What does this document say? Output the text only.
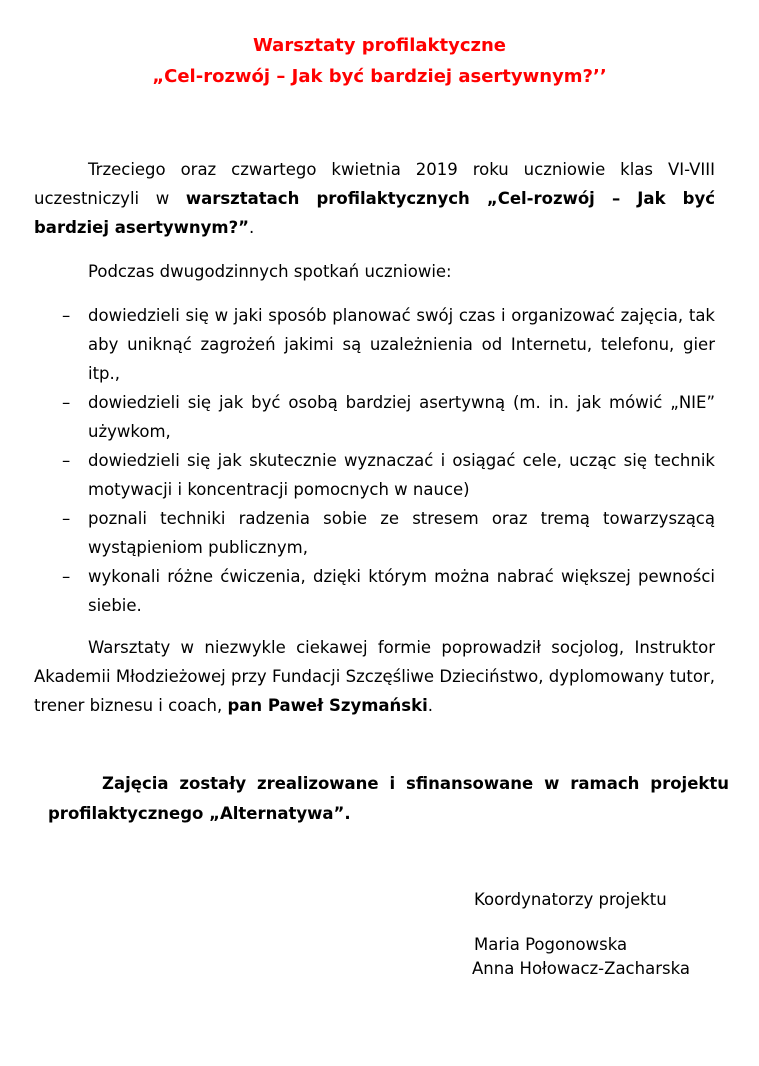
Warsztaty profilaktyczne
„Cel-rozwój – Jak być bardziej asertywnym?’’

Trzeciego oraz czwartego kwietnia 2019 roku uczniowie klas VI-VIII uczestniczyli w warsztatach profilaktycznych „Cel-rozwój – Jak być bardziej asertywnym?”.

Podczas dwugodzinnych spotkań uczniowie:

– dowiedzieli się w jaki sposób planować swój czas i organizować zajęcia, tak aby uniknąć zagrożeń jakimi są uzależnienia od Internetu, telefonu, gier itp.,
– dowiedzieli się jak być osobą bardziej asertywną (m. in. jak mówić „NIE” używkom,
– dowiedzieli się jak skutecznie wyznaczać i osiągać cele, ucząc się technik motywacji i koncentracji pomocnych w nauce)
– poznali techniki radzenia sobie ze stresem oraz tremą towarzyszącą wystąpieniom publicznym,
– wykonali różne ćwiczenia, dzięki którym można nabrać większej pewności siebie.

Warsztaty w niezwykle ciekawej formie poprowadził socjolog, Instruktor Akademii Młodzieżowej przy Fundacji Szczęśliwe Dzieciństwo, dyplomowany tutor, trener biznesu i coach, pan Paweł Szymański.

Zajęcia zostały zrealizowane i sfinansowane w ramach projektu profilaktycznego „Alternatywa”.

Koordynatorzy projektu
Maria Pogonowska
Anna Hołowacz-Zacharska
